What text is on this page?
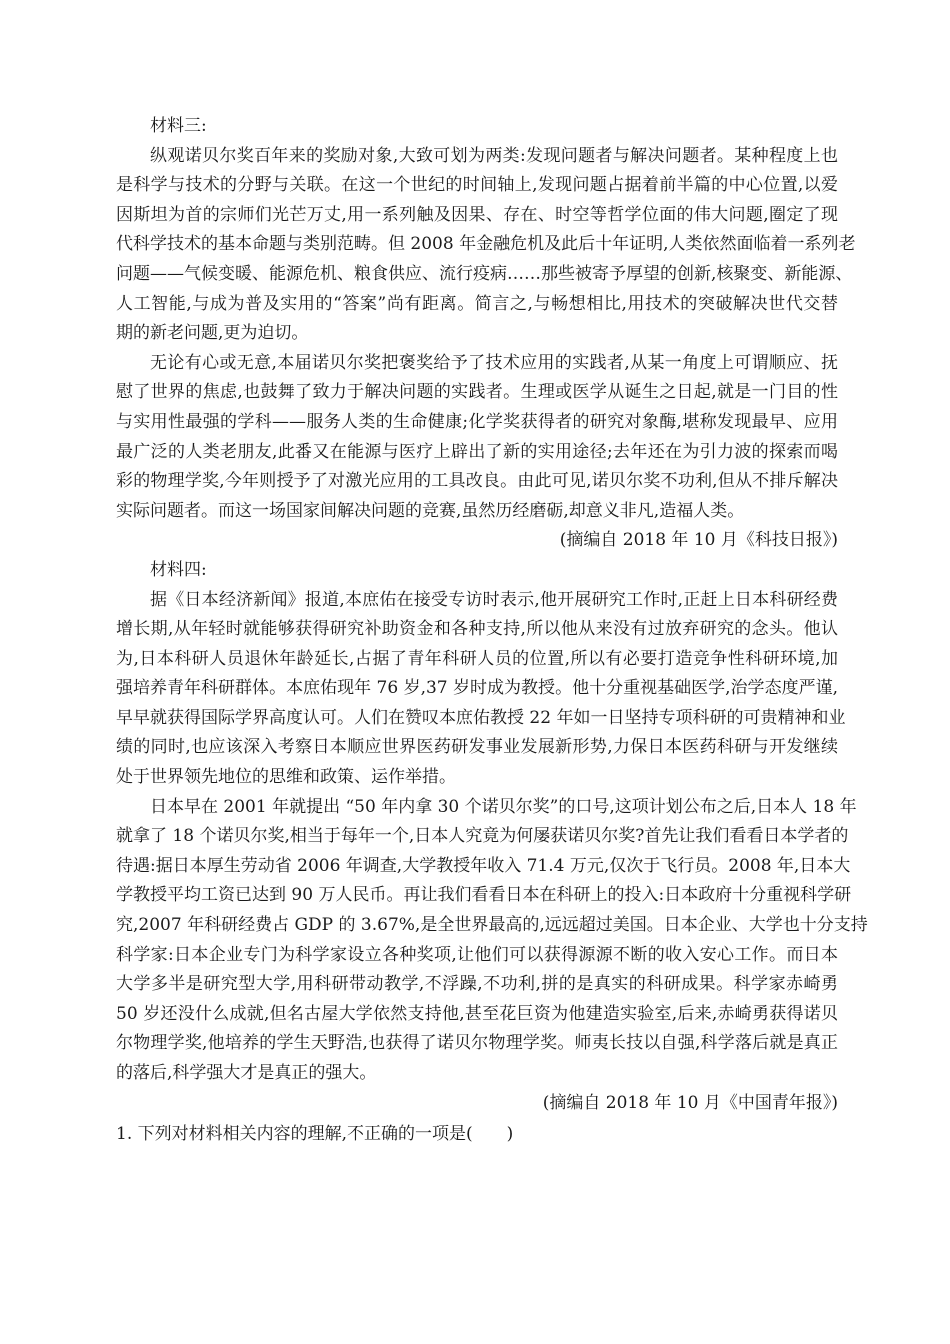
材料三:
纵观诺贝尔奖百年来的奖励对象,大致可划为两类:发现问题者与解决问题者。某种程度上也
是科学与技术的分野与关联。在这一个世纪的时间轴上,发现问题占据着前半篇的中心位置,以爱
因斯坦为首的宗师们光芒万丈,用一系列触及因果、存在、时空等哲学位面的伟大问题,圈定了现
代科学技术的基本命题与类别范畴。但 2008 年金融危机及此后十年证明,人类依然面临着一系列老
问题——气候变暖、能源危机、粮食供应、流行疫病……那些被寄予厚望的创新,核聚变、新能源、
人工智能,与成为普及实用的“答案”尚有距离。简言之,与畅想相比,用技术的突破解决世代交替
期的新老问题,更为迫切。
无论有心或无意,本届诺贝尔奖把褒奖给予了技术应用的实践者,从某一角度上可谓顺应、抚
慰了世界的焦虑,也鼓舞了致力于解决问题的实践者。生理或医学从诞生之日起,就是一门目的性
与实用性最强的学科——服务人类的生命健康;化学奖获得者的研究对象酶,堪称发现最早、应用
最广泛的人类老朋友,此番又在能源与医疗上辟出了新的实用途径;去年还在为引力波的探索而喝
彩的物理学奖,今年则授予了对激光应用的工具改良。由此可见,诺贝尔奖不功利,但从不排斥解决
实际问题者。而这一场国家间解决问题的竞赛,虽然历经磨砺,却意义非凡,造福人类。
(摘编自 2018 年 10 月《科技日报》)
材料四:
据《日本经济新闻》报道,本庶佑在接受专访时表示,他开展研究工作时,正赶上日本科研经费
增长期,从年轻时就能够获得研究补助资金和各种支持,所以他从来没有过放弃研究的念头。他认
为,日本科研人员退休年龄延长,占据了青年科研人员的位置,所以有必要打造竞争性科研环境,加
强培养青年科研群体。本庶佑现年 76 岁,37 岁时成为教授。他十分重视基础医学,治学态度严谨,
早早就获得国际学界高度认可。人们在赞叹本庶佑教授 22 年如一日坚持专项科研的可贵精神和业
绩的同时,也应该深入考察日本顺应世界医药研发事业发展新形势,力保日本医药科研与开发继续
处于世界领先地位的思维和政策、运作举措。
日本早在 2001 年就提出 “50 年内拿 30 个诺贝尔奖”的口号,这项计划公布之后,日本人 18 年
就拿了 18 个诺贝尔奖,相当于每年一个,日本人究竟为何屡获诺贝尔奖?首先让我们看看日本学者的
待遇:据日本厚生劳动省 2006 年调查,大学教授年收入 71.4 万元,仅次于飞行员。2008 年,日本大
学教授平均工资已达到 90 万人民币。再让我们看看日本在科研上的投入:日本政府十分重视科学研
究,2007 年科研经费占 GDP 的 3.67%,是全世界最高的,远远超过美国。日本企业、大学也十分支持
科学家:日本企业专门为科学家设立各种奖项,让他们可以获得源源不断的收入安心工作。而日本
大学多半是研究型大学,用科研带动教学,不浮躁,不功利,拼的是真实的科研成果。科学家赤崎勇
50 岁还没什么成就,但名古屋大学依然支持他,甚至花巨资为他建造实验室,后来,赤崎勇获得诺贝
尔物理学奖,他培养的学生天野浩,也获得了诺贝尔物理学奖。师夷长技以自强,科学落后就是真正
的落后,科学强大才是真正的强大。
(摘编自 2018 年 10 月《中国青年报》)
1. 下列对材料相关内容的理解,不正确的一项是(　　)
